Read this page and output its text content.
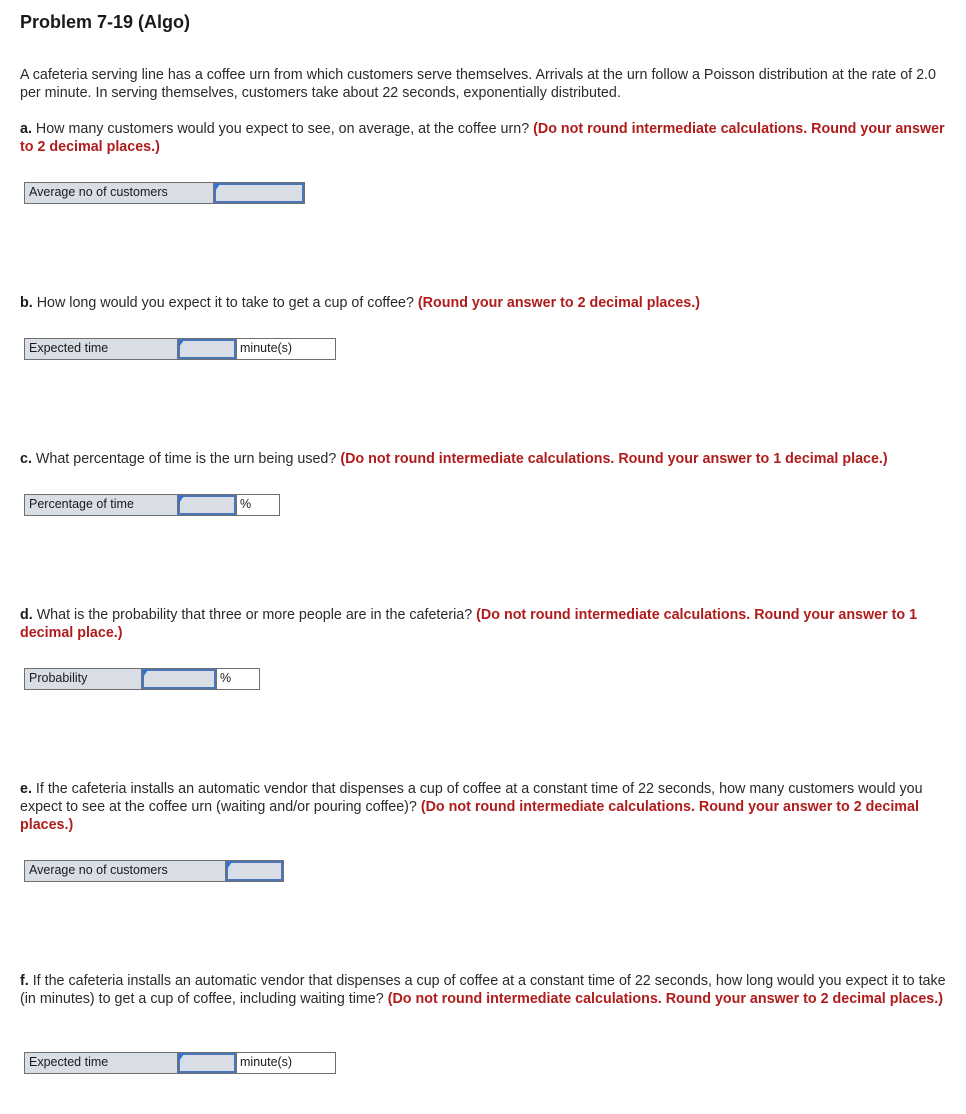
Problem 7-19 (Algo)

A cafeteria serving line has a coffee urn from which customers serve themselves. Arrivals at the urn follow a Poisson distribution at the rate of 2.0 per minute. In serving themselves, customers take about 22 seconds, exponentially distributed.

a. How many customers would you expect to see, on average, at the coffee urn? (Do not round intermediate calculations. Round your answer to 2 decimal places.)

Average no of customers

b. How long would you expect it to take to get a cup of coffee? (Round your answer to 2 decimal places.)

Expected time	minute(s)

c. What percentage of time is the urn being used? (Do not round intermediate calculations. Round your answer to 1 decimal place.)

Percentage of time	%

d. What is the probability that three or more people are in the cafeteria? (Do not round intermediate calculations. Round your answer to 1 decimal place.)

Probability	%

e. If the cafeteria installs an automatic vendor that dispenses a cup of coffee at a constant time of 22 seconds, how many customers would you expect to see at the coffee urn (waiting and/or pouring coffee)? (Do not round intermediate calculations. Round your answer to 2 decimal places.)

Average no of customers

f. If the cafeteria installs an automatic vendor that dispenses a cup of coffee at a constant time of 22 seconds, how long would you expect it to take (in minutes) to get a cup of coffee, including waiting time? (Do not round intermediate calculations. Round your answer to 2 decimal places.)

Expected time	minute(s)
